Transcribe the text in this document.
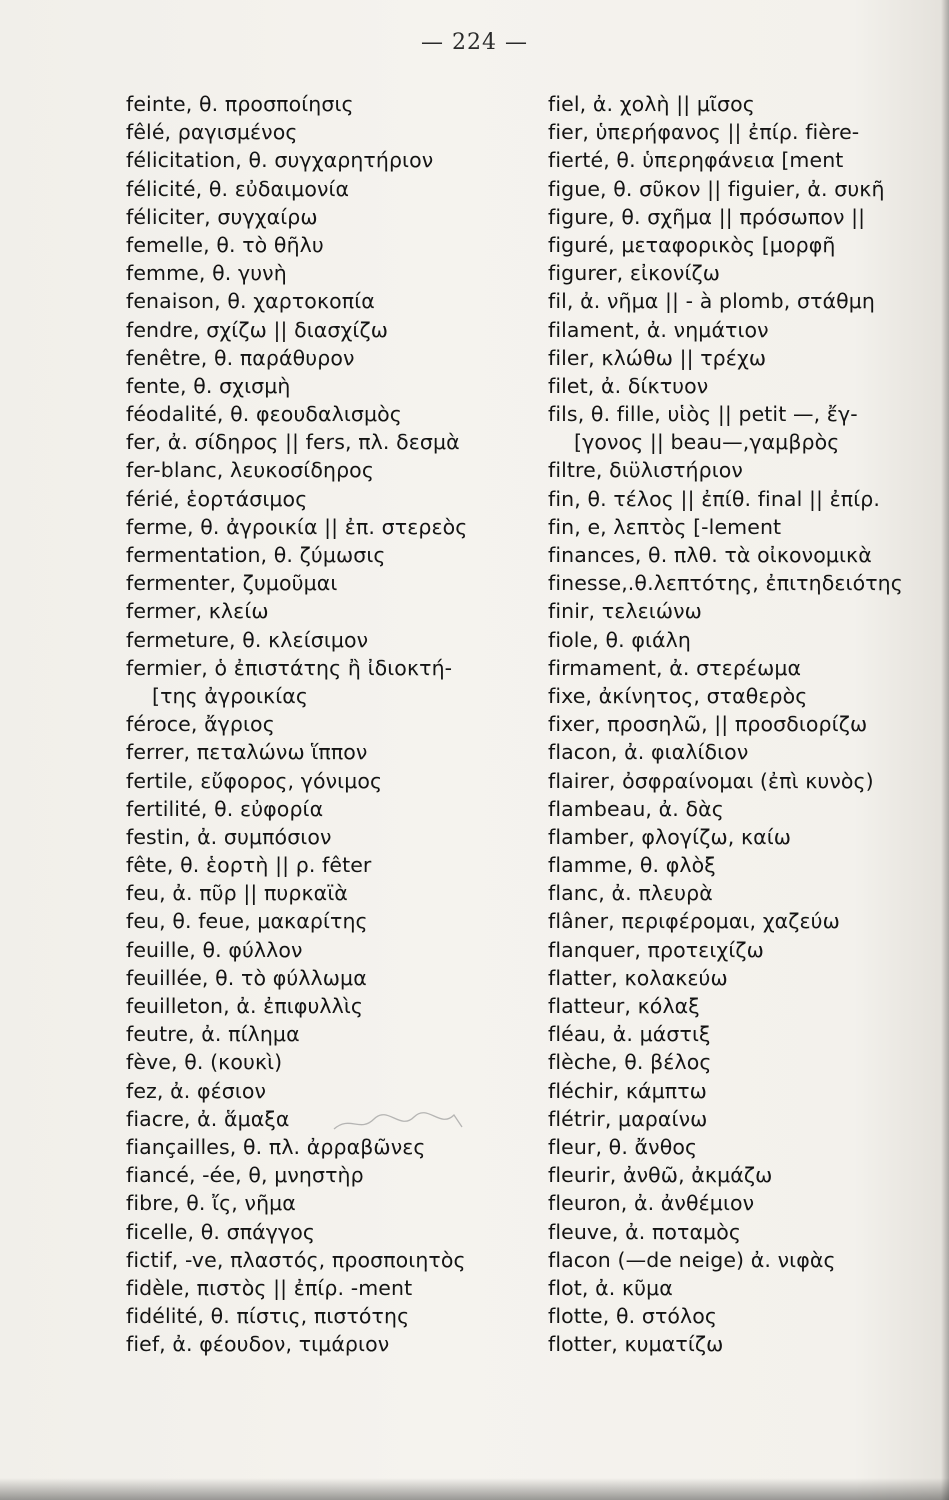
— 224 —
feinte, θ. προσποίησις
fêlé, ραγισμένος
félicitation, θ. συγχαρητήριον
félicité, θ. εὐδαιμονία
féliciter, συγχαίρω
femelle, θ. τὸ θῆλυ
femme, θ. γυνὴ
fenaison, θ. χαρτοκοπία
fendre, σχίζω || διασχίζω
fenêtre, θ. παράθυρον
fente, θ. σχισμὴ
féodalité, θ. φεουδαλισμὸς
fer, ἀ. σίδηρος || fers, πλ. δεσμὰ
fer-blanc, λευκοσίδηρος
férié, ἑορτάσιμος
ferme, θ. ἀγροικία || ἐπ. στερεὸς
fermentation, θ. ζύμωσις
fermenter, ζυμοῦμαι
fermer, κλείω
fermeture, θ. κλείσιμον
fermier, ὁ ἐπιστάτης ἢ ἰδιοκτή-
[της ἀγροικίας
féroce, ἄγριος
ferrer, πεταλώνω ἵππον
fertile, εὔφορος, γόνιμος
fertilité, θ. εὐφορία
festin, ἀ. συμπόσιον
fête, θ. ἑορτὴ || ρ. fêter
feu, ἀ. πῦρ || πυρκαϊὰ
feu, θ. feue, μακαρίτης
feuille, θ. φύλλον
feuillée, θ. τὸ φύλλωμα
feuilleton, ἀ. ἐπιφυλλὶς
feutre, ἀ. πίλημα
fève, θ. (κουκὶ)
fez, ἀ. φέσιον
fiacre, ἀ. ἅμαξα
fiançailles, θ. πλ. ἀρραβῶνες
fiancé, -ée, θ, μνηστὴρ
fibre, θ. ἴς, νῆμα
ficelle, θ. σπάγγος
fictif, -ve, πλαστός, προσποιητὸς
fidèle, πιστὸς || ἐπίρ. -ment
fidélité, θ. πίστις, πιστότης
fief, ἀ. φέουδον, τιμάριον
fiel, ἀ. χολὴ || μῖσος
fier, ὑπερήφανος || ἐπίρ. fière-
fierté, θ. ὑπερηφάνεια [ment
figue, θ. σῦκον || figuier, ἀ. συκῆ
figure, θ. σχῆμα || πρόσωπον ||
figuré, μεταφορικὸς [μορφῆ
figurer, εἰκονίζω
fil, ἀ. νῆμα || - à plomb, στάθμη
filament, ἀ. νημάτιον
filer, κλώθω || τρέχω
filet, ἀ. δίκτυον
fils, θ. fille, υἱὸς || petit —, ἔγ-
[γονος || beau—,γαμβρὸς
filtre, διϋλιστήριον
fin, θ. τέλος || ἐπίθ. final || ἐπίρ.
fin, e, λεπτὸς [-lement
finances, θ. πλθ. τὰ οἰκονομικὰ
finesse,.θ.λεπτότης, ἐπιτηδειότης
finir, τελειώνω
fiole, θ. φιάλη
firmament, ἀ. στερέωμα
fixe, ἀκίνητος, σταθερὸς
fixer, προσηλῶ, || προσδιορίζω
flacon, ἀ. φιαλίδιον
flairer, ὀσφραίνομαι (ἐπὶ κυνὸς)
flambeau, ἀ. δὰς
flamber, φλογίζω, καίω
flamme, θ. φλὸξ
flanc, ἀ. πλευρὰ
flâner, περιφέρομαι, χαζεύω
flanquer, προτειχίζω
flatter, κολακεύω
flatteur, κόλαξ
fléau, ἀ. μάστιξ
flèche, θ. βέλος
fléchir, κάμπτω
flétrir, μαραίνω
fleur, θ. ἄνθος
fleurir, ἀνθῶ, ἀκμάζω
fleuron, ἀ. ἀνθέμιον
fleuve, ἀ. ποταμὸς
flacon (—de neige) ἀ. νιφὰς
flot, ἀ. κῦμα
flotte, θ. στόλος
flotter, κυματίζω
